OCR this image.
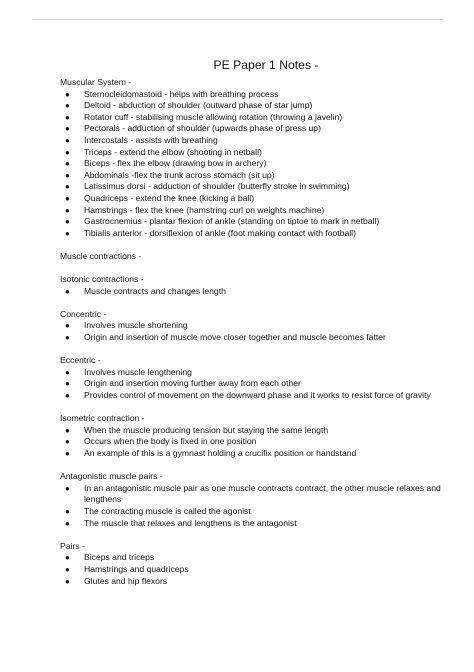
PE Paper 1 Notes -
Muscular System -
● Sternocleidomastoid - helps with breathing process
● Deltoid - abduction of shoulder (outward phase of star jump)
● Rotator cuff - stabilising muscle allowing rotation (throwing a javelin)
● Pectorals - adduction of shoulder (upwards phase of press up)
● Intercostals - assists with breathing
● Triceps - extend the elbow (shooting in netball)
● Biceps - flex the elbow (drawing bow in archery)
● Abdominals -flex the trunk across stomach (sit up)
● Latissimus dorsi - adduction of shoulder (butterfly stroke in swimming)
● Quadriceps - extend the knee (kicking a ball)
● Hamstrings - flex the knee (hamstring curl on weights machine)
● Gastrocnemius - plantar flexion of ankle (standing on tiptoe to mark in netball)
● Tibialis anterior - dorsiflexion of ankle (foot making contact with football)
Muscle contractions -
Isotonic contractions -
● Muscle contracts and changes length
Concentric -
● Involves muscle shortening
● Origin and insertion of muscle move closer together and muscle becomes fatter
Eccentric -
● Involves muscle lengthening
● Origin and insertion moving further away from each other
● Provides control of movement on the downward phase and it works to resist force of gravity
Isometric contraction -
● When the muscle producing tension but staying the same length
● Occurs when the body is fixed in one position
● An example of this is a gymnast holding a crucifix position or handstand
Antagonistic muscle pairs -
● In an antagonistic muscle pair as one muscle contracts contract, the other muscle relaxes and lengthens
● The contracting muscle is called the agonist
● The muscle that relaxes and lengthens is the antagonist
Pairs -
● Biceps and triceps
● Hamstrings and quadriceps
● Glutes and hip flexors
